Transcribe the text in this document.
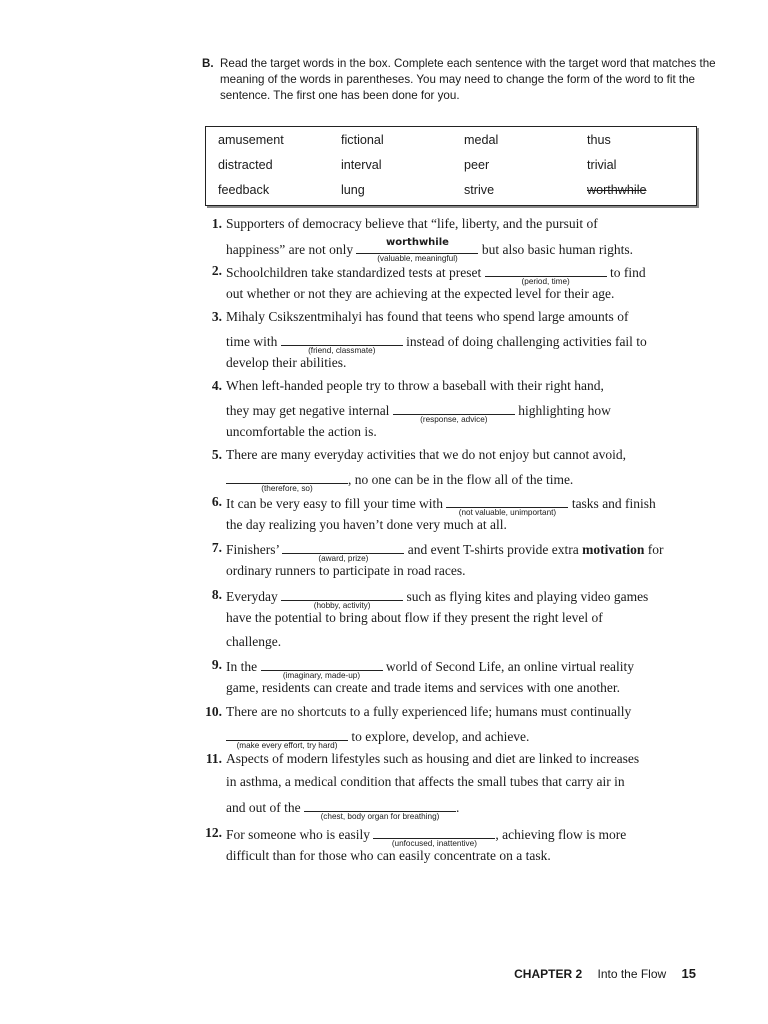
B. Read the target words in the box. Complete each sentence with the target word that matches the meaning of the words in parentheses. You may need to change the form of the word to fit the sentence. The first one has been done for you.
amusement	fictional	medal	thus
distracted	interval	peer	trivial
feedback	lung	strive	worthwhile
1. Supporters of democracy believe that “life, liberty, and the pursuit of
happiness” are not only	worthwhile
(valuable, meaningful)
but also basic human rights.
2. Schoolchildren take standardized tests at preset
(period, time)
to find
out whether or not they are achieving at the expected level for their age.
3. Mihaly Csikszentmihalyi has found that teens who spend large amounts of
time with
(friend, classmate)
instead of doing challenging activities fail to
develop their abilities.
4. When left-handed people try to throw a baseball with their right hand,
they may get negative internal
(response, advice)
highlighting how
uncomfortable the action is.
5. There are many everyday activities that we do not enjoy but cannot avoid,
(therefore, so)
, no one can be in the flow all of the time.
6. It can be very easy to fill your time with
(not valuable, unimportant)
tasks and finish
the day realizing you haven’t done very much at all.
7. Finishers’
(award, prize)
and event T-shirts provide extra motivation for
ordinary runners to participate in road races.
8. Everyday
(hobby, activity)
such as flying kites and playing video games
have the potential to bring about flow if they present the right level of
challenge.
9. In the
(imaginary, made-up)
world of Second Life, an online virtual reality
game, residents can create and trade items and services with one another.
10. There are no shortcuts to a fully experienced life; humans must continually
(make every effort, try hard)
to explore, develop, and achieve.
11. Aspects of modern lifestyles such as housing and diet are linked to increases
in asthma, a medical condition that affects the small tubes that carry air in
and out of the
(chest, body organ for breathing)
.
12. For someone who is easily
(unfocused, inattentive)
, achieving flow is more
difficult than for those who can easily concentrate on a task.
CHAPTER 2 Into the Flow 15
